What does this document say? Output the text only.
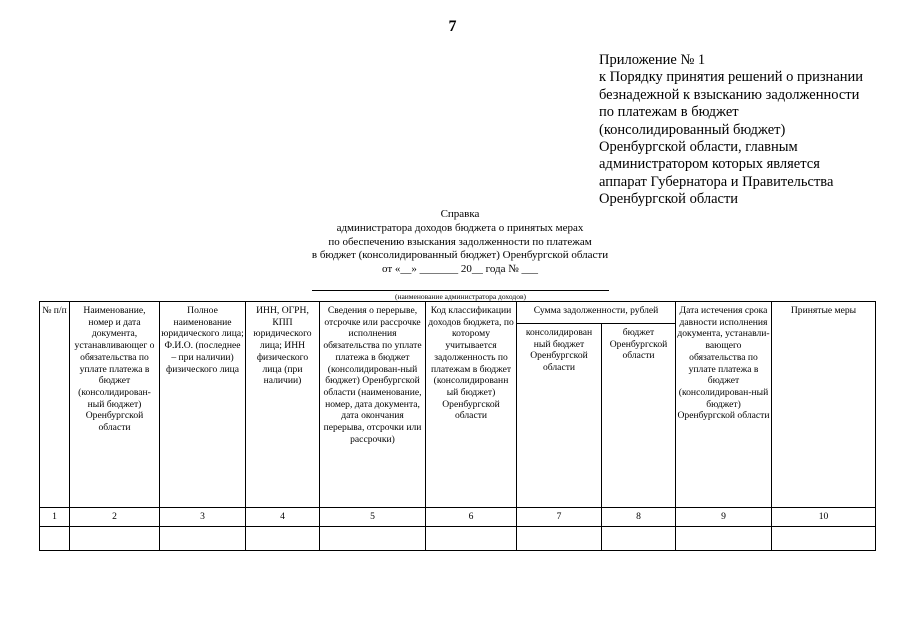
7
Приложение № 1
к Порядку принятия решений о признании
безнадежной к взысканию задолженности
по платежам в бюджет
(консолидированный бюджет)
Оренбургской области, главным
администратором которых является
аппарат Губернатора и Правительства
Оренбургской области
Справка
администратора доходов бюджета о принятых мерах
по обеспечению взыскания задолженности по платежам
в бюджет (консолидированный бюджет) Оренбургской области
от «__» _______ 20__ года № ___
(наименование администратора доходов)
№ п/п	Наименование, номер и дата документа, устанавливающег о обязательства по уплате платежа в бюджет (консолидирован-ный бюджет) Оренбургской области	Полное наименование юридического лица; Ф.И.О. (последнее – при наличии) физического лица	ИНН, ОГРН, КПП юридического лица; ИНН физического лица (при наличии)	Сведения о перерыве, отсрочке или рассрочке исполнения обязательства по уплате платежа в бюджет (консолидирован-ный бюджет) Оренбургской области (наименование, номер, дата документа, дата окончания перерыва, отсрочки или рассрочки)	Код классификации доходов бюджета, по которому учитывается задолженность по платежам в бюджет (консолидированн ый бюджет) Оренбургской области	Сумма задолженности, рублей		Дата истечения срока давности исполнения документа, устанавли-вающего обязательства по уплате платежа в бюджет (консолидирован-ный бюджет) Оренбургской области	Принятые меры
						консолидирован ный бюджет Оренбургской области	бюджет Оренбургской области		
1	2	3	4	5	6	7	8	9	10
